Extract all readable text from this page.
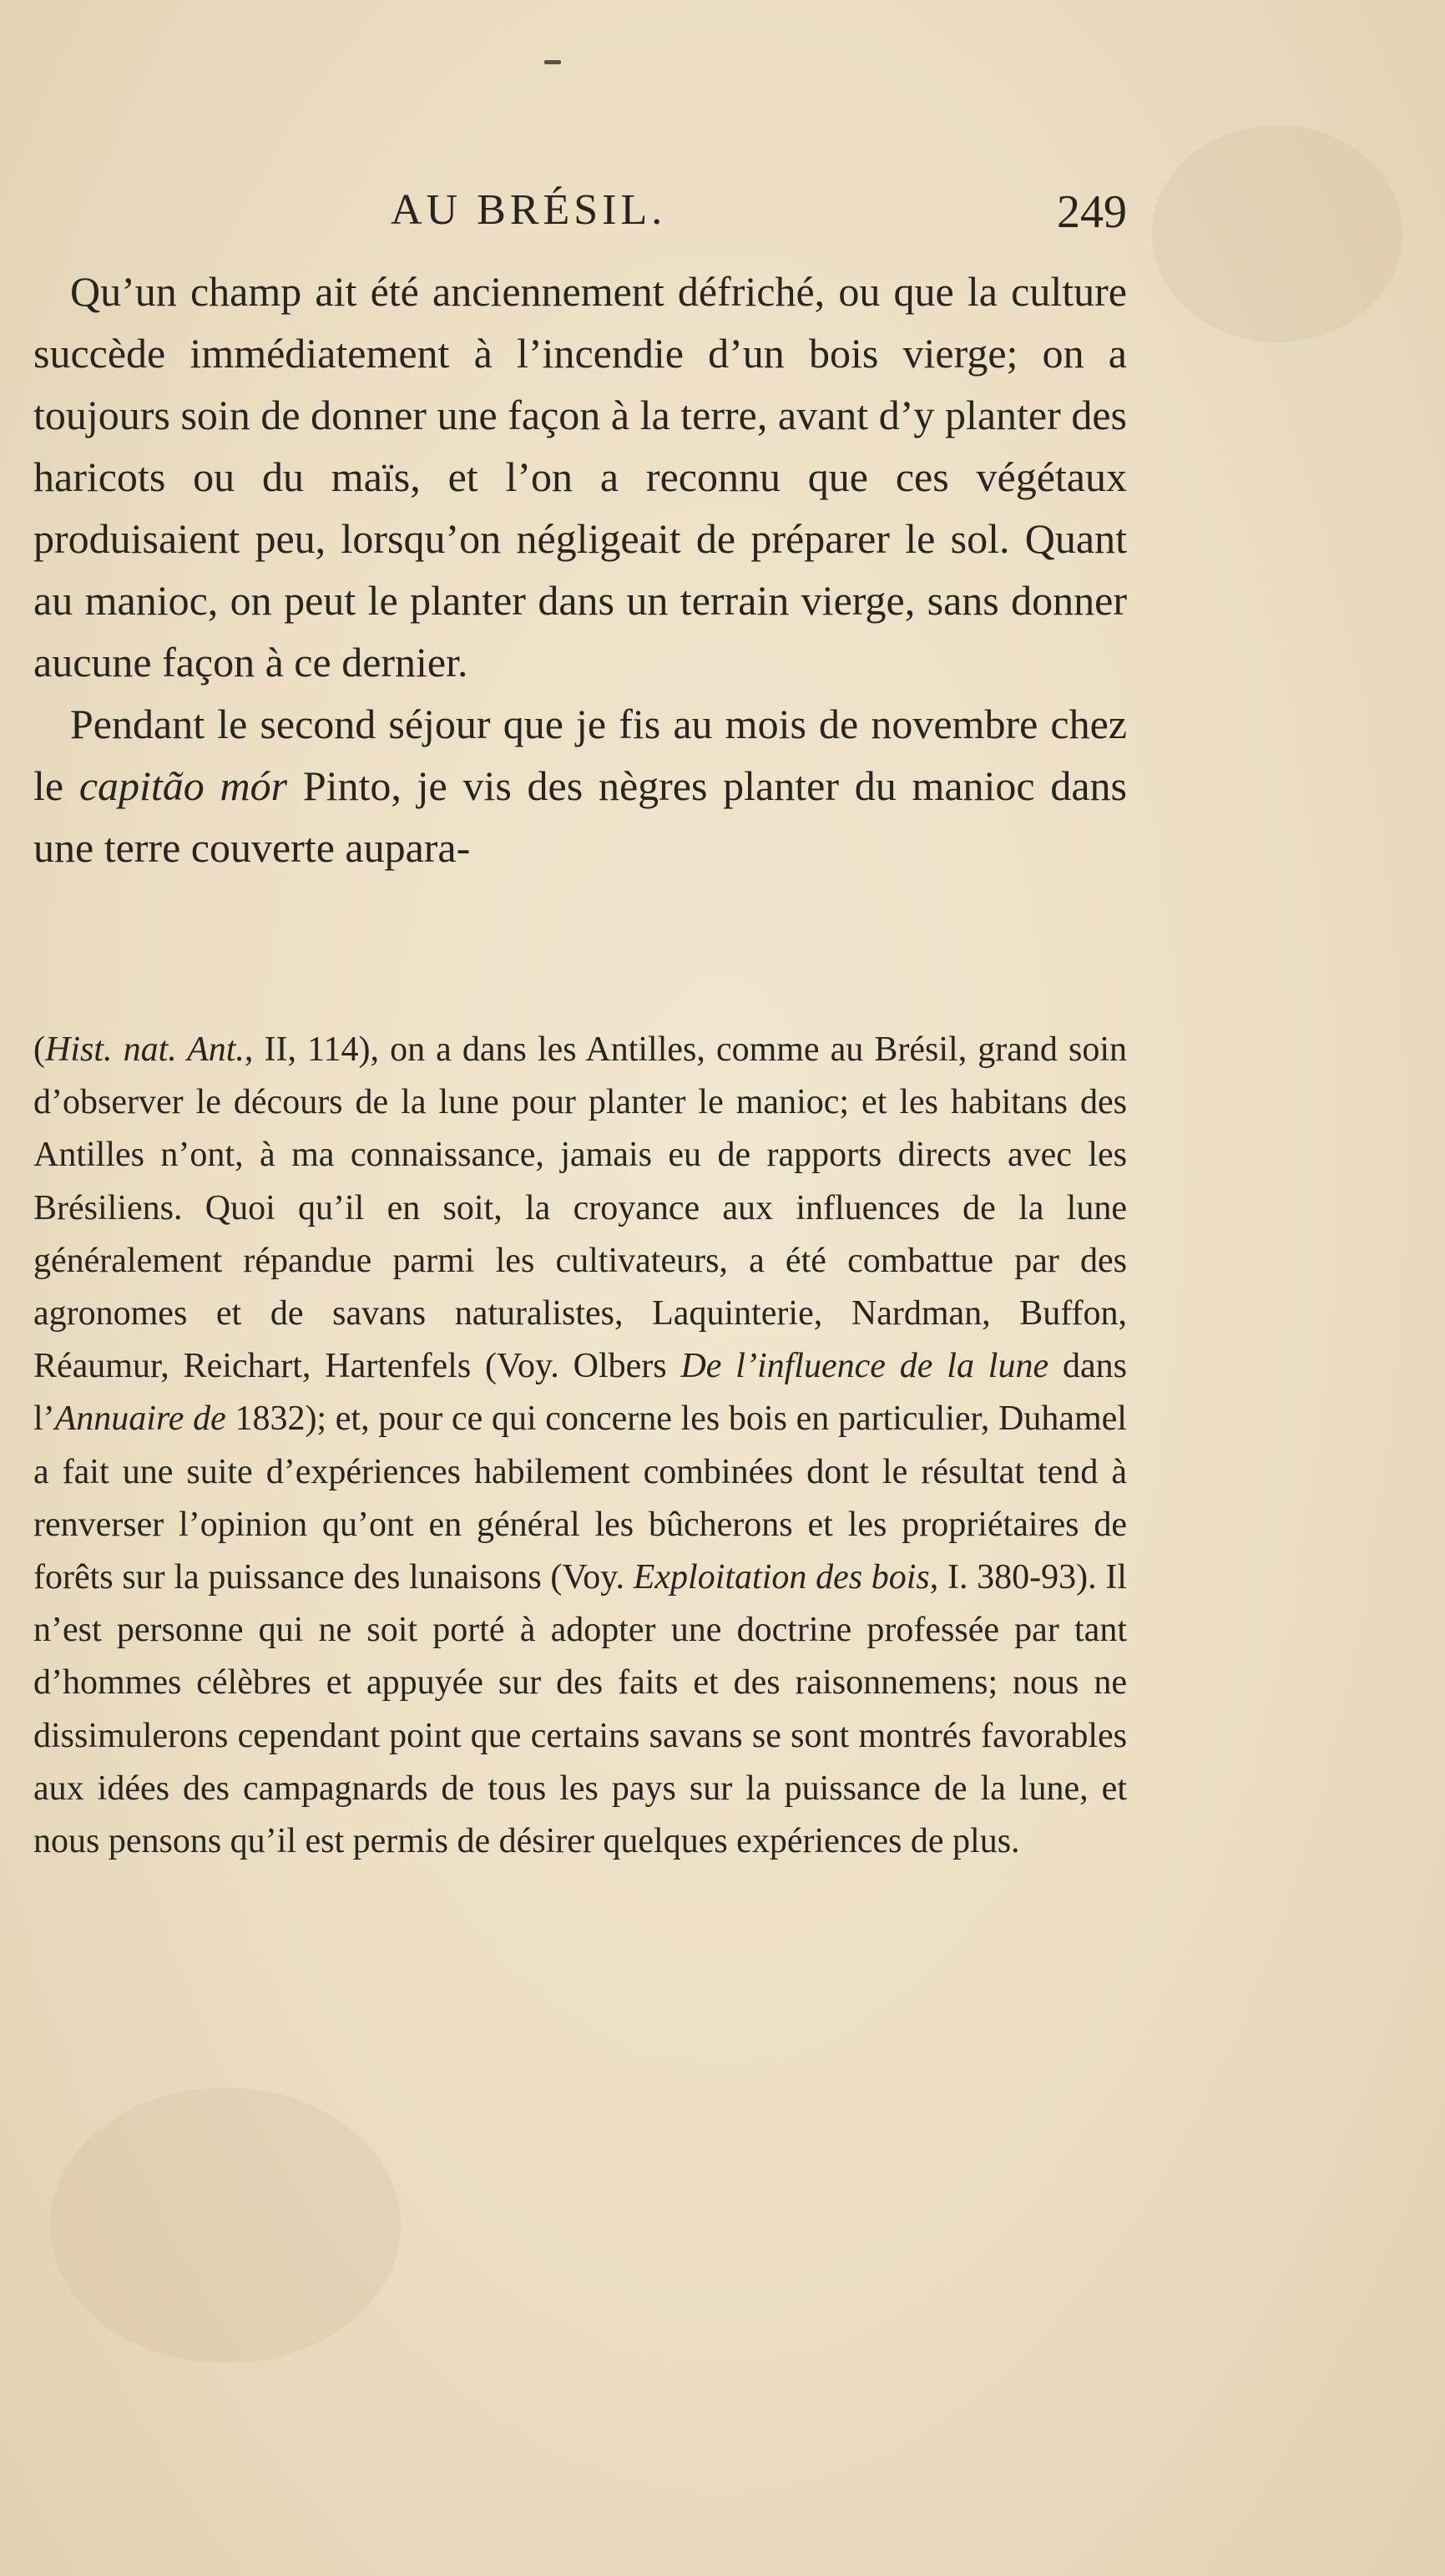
AU BRÉSIL.	249

Qu’un champ ait été anciennement défriché, ou que la culture succède immédiatement à l’incendie d’un bois vierge; on a toujours soin de donner une façon à la terre, avant d’y planter des haricots ou du maïs, et l’on a reconnu que ces végétaux produisaient peu, lorsqu’on négligeait de préparer le sol. Quant au manioc, on peut le planter dans un terrain vierge, sans donner aucune façon à ce dernier.

Pendant le second séjour que je fis au mois de novembre chez le capitão mór Pinto, je vis des nègres planter du manioc dans une terre couverte aupara-

(Hist. nat. Ant., II, 114), on a dans les Antilles, comme au Brésil, grand soin d’observer le décours de la lune pour planter le manioc; et les habitans des Antilles n’ont, à ma connaissance, jamais eu de rapports directs avec les Brésiliens. Quoi qu’il en soit, la croyance aux influences de la lune généralement répandue parmi les cultivateurs, a été combattue par des agronomes et de savans naturalistes, Laquinterie, Nardman, Buffon, Réaumur, Reichart, Hartenfels (Voy. Olbers De l’influence de la lune dans l’Annuaire de 1832); et, pour ce qui concerne les bois en particulier, Duhamel a fait une suite d’expériences habilement combinées dont le résultat tend à renverser l’opinion qu’ont en général les bûcherons et les propriétaires de forêts sur la puissance des lunaisons (Voy. Exploitation des bois, I. 380-93). Il n’est personne qui ne soit porté à adopter une doctrine professée par tant d’hommes célèbres et appuyée sur des faits et des raisonnemens; nous ne dissimulerons cependant point que certains savans se sont montrés favorables aux idées des campagnards de tous les pays sur la puissance de la lune, et nous pensons qu’il est permis de désirer quelques expériences de plus.
